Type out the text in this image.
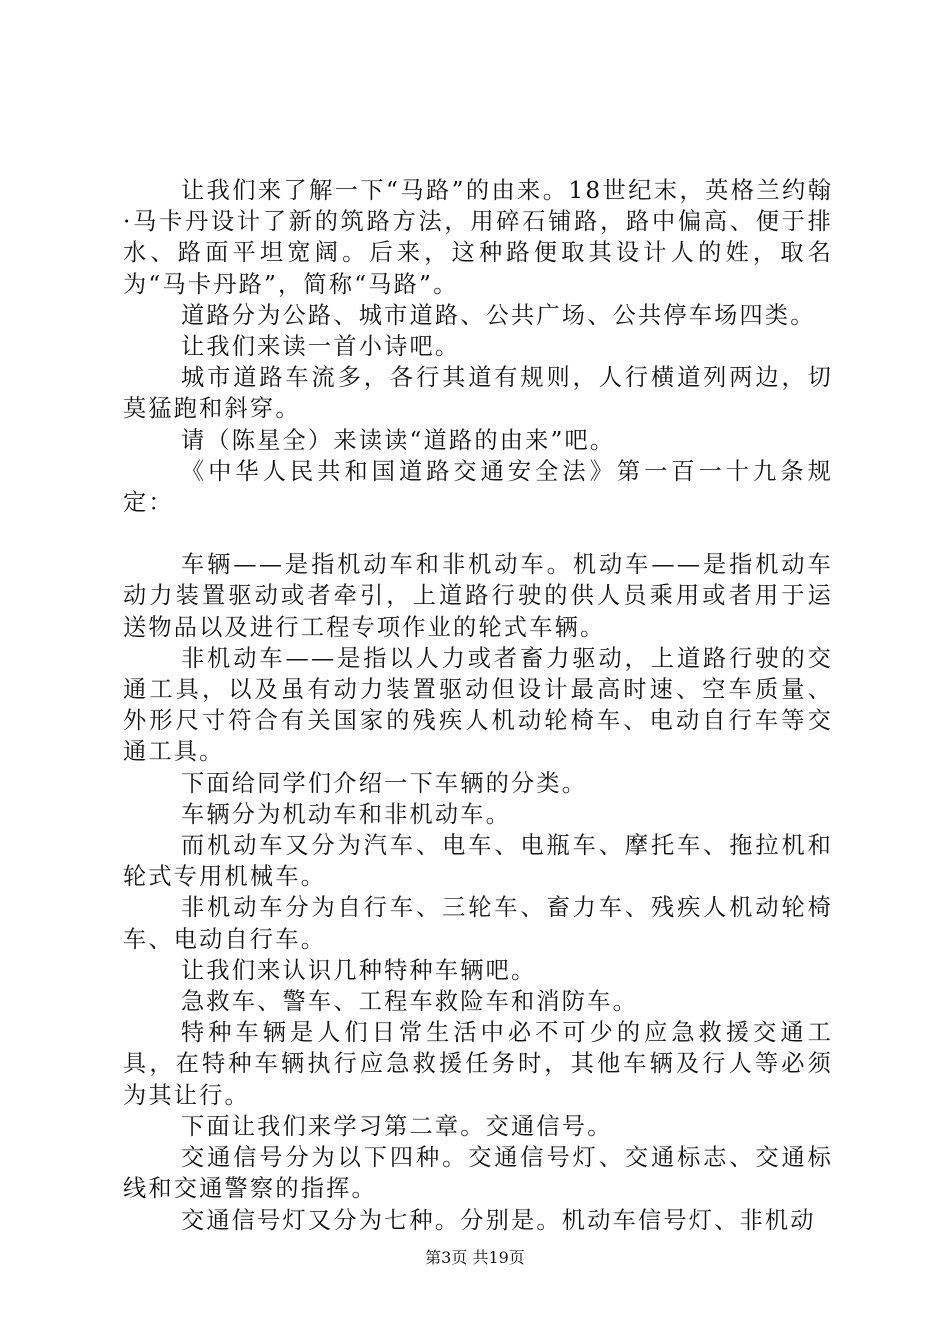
让我们来了解一下“马路”的由来。18世纪末，英格兰约翰·马卡丹设计了新的筑路方法，用碎石铺路，路中偏高、便于排水、路面平坦宽阔。后来，这种路便取其设计人的姓，取名为“马卡丹路”，简称“马路”。

道路分为公路、城市道路、公共广场、公共停车场四类。

让我们来读一首小诗吧。

城市道路车流多，各行其道有规则，人行横道列两边，切莫猛跑和斜穿。

请（陈星全）来读读“道路的由来”吧。

《中华人民共和国道路交通安全法》第一百一十九条规定：

车辆——是指机动车和非机动车。机动车——是指机动车动力装置驱动或者牵引，上道路行驶的供人员乘用或者用于运送物品以及进行工程专项作业的轮式车辆。

非机动车——是指以人力或者畜力驱动，上道路行驶的交通工具，以及虽有动力装置驱动但设计最高时速、空车质量、外形尺寸符合有关国家的残疾人机动轮椅车、电动自行车等交通工具。

下面给同学们介绍一下车辆的分类。

车辆分为机动车和非机动车。

而机动车又分为汽车、电车、电瓶车、摩托车、拖拉机和轮式专用机械车。

非机动车分为自行车、三轮车、畜力车、残疾人机动轮椅车、电动自行车。

让我们来认识几种特种车辆吧。

急救车、警车、工程车救险车和消防车。

特种车辆是人们日常生活中必不可少的应急救援交通工具，在特种车辆执行应急救援任务时，其他车辆及行人等必须为其让行。

下面让我们来学习第二章。交通信号。

交通信号分为以下四种。交通信号灯、交通标志、交通标线和交通警察的指挥。

交通信号灯又分为七种。分别是。机动车信号灯、非机动

第3页 共19页
